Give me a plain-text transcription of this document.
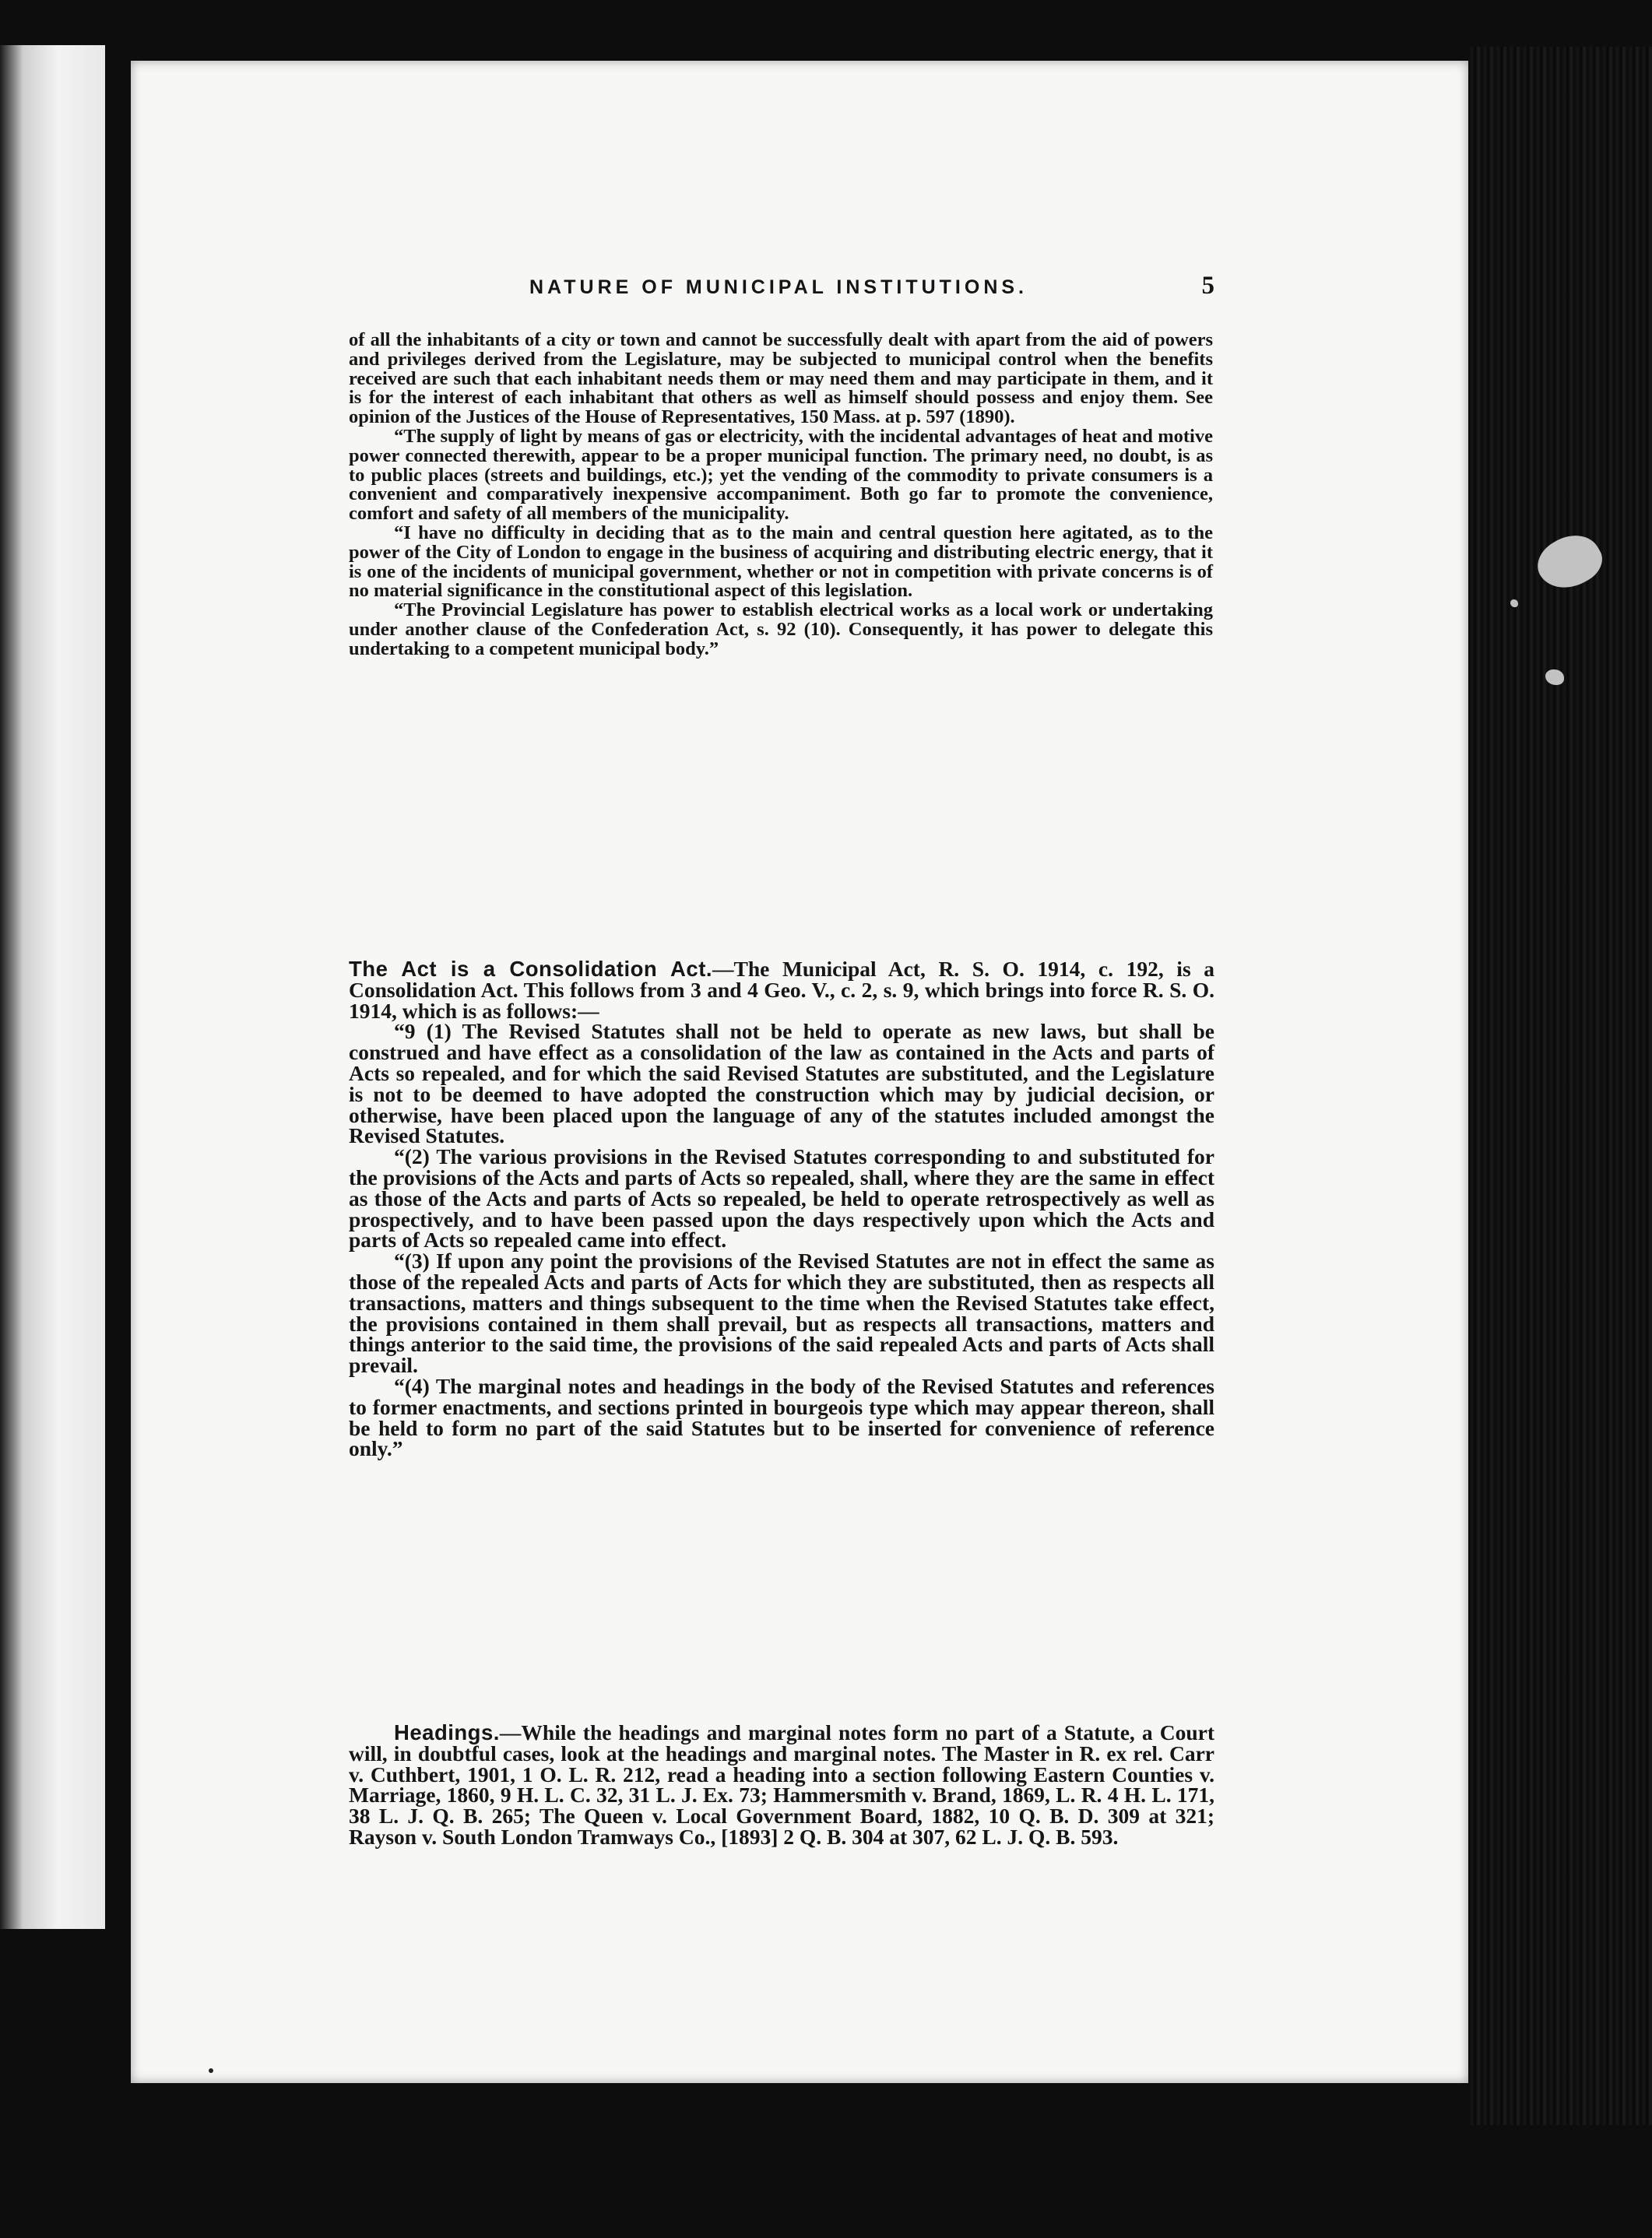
NATURE OF MUNICIPAL INSTITUTIONS.	5

of all the inhabitants of a city or town and cannot be successfully dealt with apart from the aid of powers and privileges derived from the Legislature, may be subjected to municipal control when the benefits received are such that each inhabitant needs them or may need them and may participate in them, and it is for the interest of each inhabitant that others as well as himself should possess and enjoy them. See opinion of the Justices of the House of Representatives, 150 Mass. at p. 597 (1890).

“The supply of light by means of gas or electricity, with the incidental advantages of heat and motive power connected therewith, appear to be a proper municipal function. The primary need, no doubt, is as to public places (streets and buildings, etc.); yet the vending of the commodity to private consumers is a convenient and comparatively inexpensive accompaniment. Both go far to promote the convenience, comfort and safety of all members of the municipality.

“I have no difficulty in deciding that as to the main and central question here agitated, as to the power of the City of London to engage in the business of acquiring and distributing electric energy, that it is one of the incidents of municipal government, whether or not in competition with private concerns is of no material significance in the constitutional aspect of this legislation.

“The Provincial Legislature has power to establish electrical works as a local work or undertaking under another clause of the Confederation Act, s. 92 (10). Consequently, it has power to delegate this undertaking to a competent municipal body.”

The Act is a Consolidation Act.—The Municipal Act, R. S. O. 1914, c. 192, is a Consolidation Act. This follows from 3 and 4 Geo. V., c. 2, s. 9, which brings into force R. S. O. 1914, which is as follows:—

“9 (1) The Revised Statutes shall not be held to operate as new laws, but shall be construed and have effect as a consolidation of the law as contained in the Acts and parts of Acts so repealed, and for which the said Revised Statutes are substituted, and the Legislature is not to be deemed to have adopted the construction which may by judicial decision, or otherwise, have been placed upon the language of any of the statutes included amongst the Revised Statutes.

“(2) The various provisions in the Revised Statutes corresponding to and substituted for the provisions of the Acts and parts of Acts so repealed, shall, where they are the same in effect as those of the Acts and parts of Acts so repealed, be held to operate retrospectively as well as prospectively, and to have been passed upon the days respectively upon which the Acts and parts of Acts so repealed came into effect.

“(3) If upon any point the provisions of the Revised Statutes are not in effect the same as those of the repealed Acts and parts of Acts for which they are substituted, then as respects all transactions, matters and things subsequent to the time when the Revised Statutes take effect, the provisions contained in them shall prevail, but as respects all transactions, matters and things anterior to the said time, the provisions of the said repealed Acts and parts of Acts shall prevail.

“(4) The marginal notes and headings in the body of the Revised Statutes and references to former enactments, and sections printed in bourgeois type which may appear thereon, shall be held to form no part of the said Statutes but to be inserted for convenience of reference only.”

Headings.—While the headings and marginal notes form no part of a Statute, a Court will, in doubtful cases, look at the headings and marginal notes. The Master in R. ex rel. Carr v. Cuthbert, 1901, 1 O. L. R. 212, read a heading into a section following Eastern Counties v. Marriage, 1860, 9 H. L. C. 32, 31 L. J. Ex. 73; Hammersmith v. Brand, 1869, L. R. 4 H. L. 171, 38 L. J. Q. B. 265; The Queen v. Local Government Board, 1882, 10 Q. B. D. 309 at 321; Rayson v. South London Tramways Co., [1893] 2 Q. B. 304 at 307, 62 L. J. Q. B. 593.
